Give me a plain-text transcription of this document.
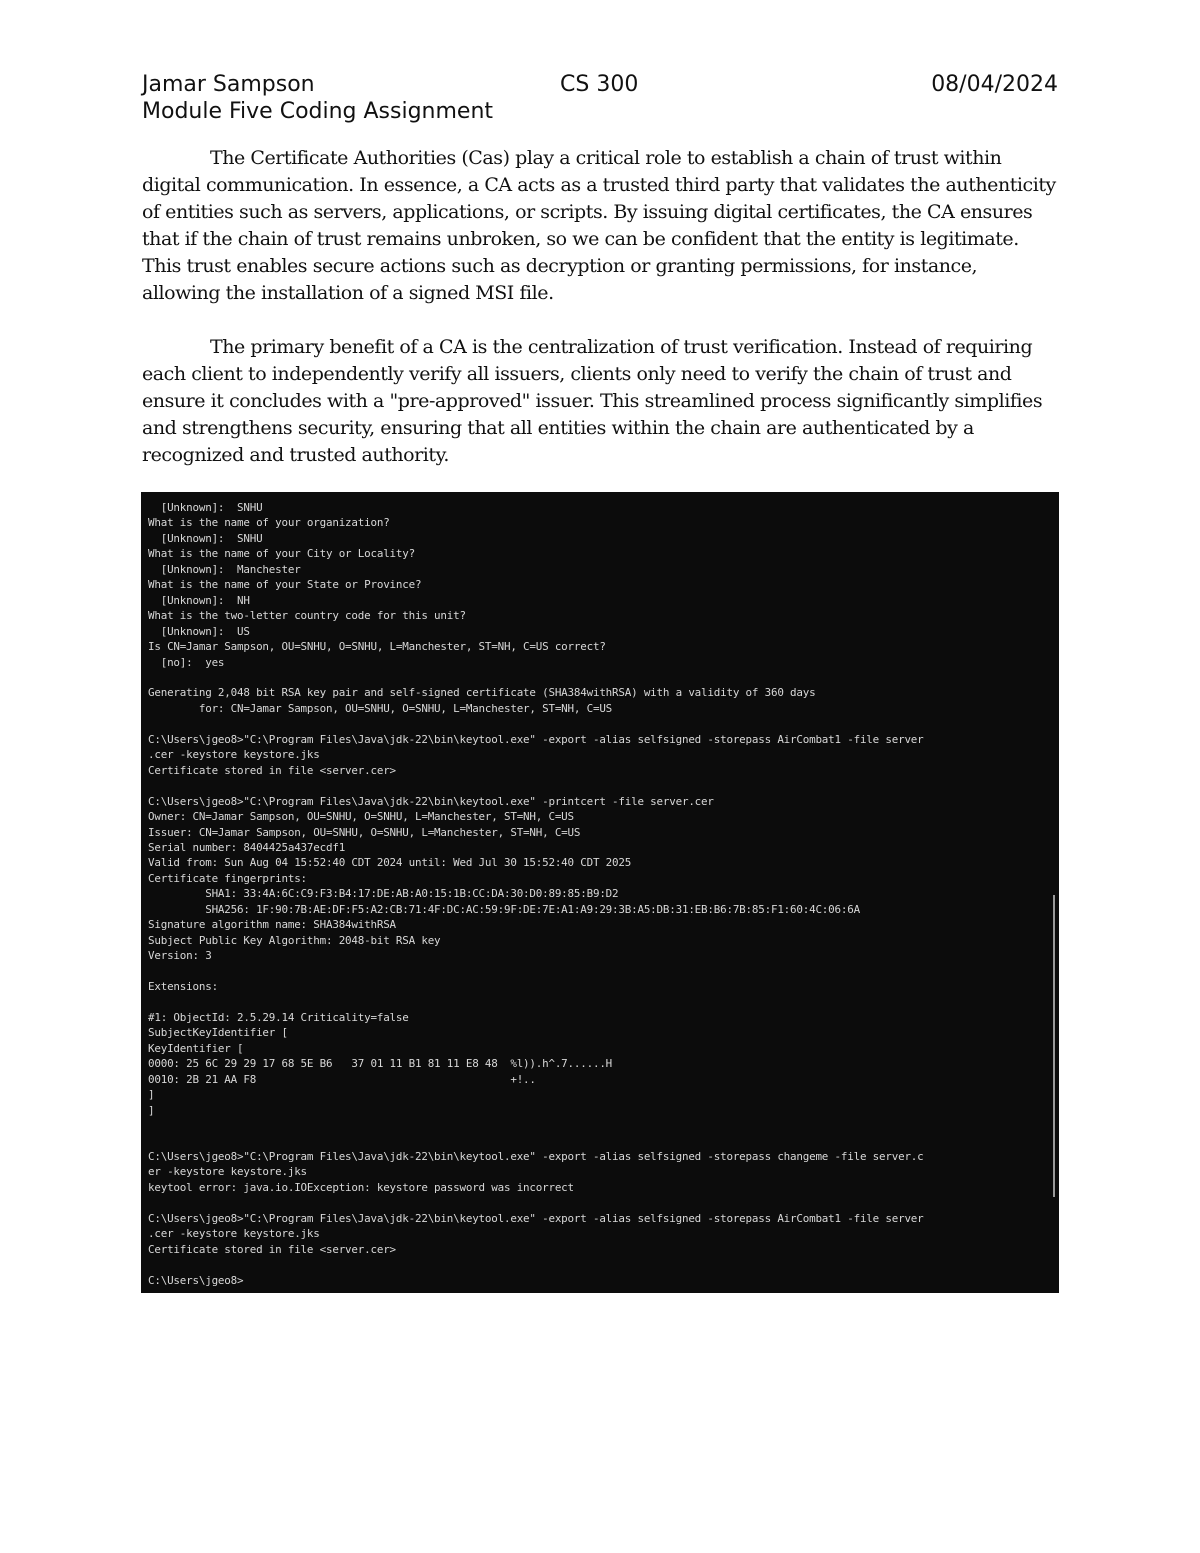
Jamar Sampson	CS 300	08/04/2024
Module Five Coding Assignment

The Certificate Authorities (Cas) play a critical role to establish a chain of trust within digital communication. In essence, a CA acts as a trusted third party that validates the authenticity of entities such as servers, applications, or scripts. By issuing digital certificates, the CA ensures that if the chain of trust remains unbroken, so we can be confident that the entity is legitimate. This trust enables secure actions such as decryption or granting permissions, for instance, allowing the installation of a signed MSI file.

The primary benefit of a CA is the centralization of trust verification. Instead of requiring each client to independently verify all issuers, clients only need to verify the chain of trust and ensure it concludes with a "pre-approved" issuer. This streamlined process significantly simplifies and strengthens security, ensuring that all entities within the chain are authenticated by a recognized and trusted authority.

[Unknown]:  SNHU
What is the name of your organization?
[Unknown]:  SNHU
What is the name of your City or Locality?
[Unknown]:  Manchester
What is the name of your State or Province?
[Unknown]:  NH
What is the two-letter country code for this unit?
[Unknown]:  US
Is CN=Jamar Sampson, OU=SNHU, O=SNHU, L=Manchester, ST=NH, C=US correct?
[no]:  yes

Generating 2,048 bit RSA key pair and self-signed certificate (SHA384withRSA) with a validity of 360 days
for: CN=Jamar Sampson, OU=SNHU, O=SNHU, L=Manchester, ST=NH, C=US

C:\Users\jgeo8>"C:\Program Files\Java\jdk-22\bin\keytool.exe" -export -alias selfsigned -storepass AirCombat1 -file server
.cer -keystore keystore.jks
Certificate stored in file <server.cer>

C:\Users\jgeo8>"C:\Program Files\Java\jdk-22\bin\keytool.exe" -printcert -file server.cer
Owner: CN=Jamar Sampson, OU=SNHU, O=SNHU, L=Manchester, ST=NH, C=US
Issuer: CN=Jamar Sampson, OU=SNHU, O=SNHU, L=Manchester, ST=NH, C=US
Serial number: 8404425a437ecdf1
Valid from: Sun Aug 04 15:52:40 CDT 2024 until: Wed Jul 30 15:52:40 CDT 2025
Certificate fingerprints:
SHA1: 33:4A:6C:C9:F3:B4:17:DE:AB:A0:15:1B:CC:DA:30:D0:89:85:B9:D2
SHA256: 1F:90:7B:AE:DF:F5:A2:CB:71:4F:DC:AC:59:9F:DE:7E:A1:A9:29:3B:A5:DB:31:EB:B6:7B:85:F1:60:4C:06:6A
Signature algorithm name: SHA384withRSA
Subject Public Key Algorithm: 2048-bit RSA key
Version: 3

Extensions:

#1: ObjectId: 2.5.29.14 Criticality=false
SubjectKeyIdentifier [
KeyIdentifier [
0000: 25 6C 29 29 17 68 5E B6   37 01 11 B1 81 11 E8 48  %l)).h^.7......H
0010: 2B 21 AA F8                                        +!..
]
]

C:\Users\jgeo8>"C:\Program Files\Java\jdk-22\bin\keytool.exe" -export -alias selfsigned -storepass changeme -file server.c
er -keystore keystore.jks
keytool error: java.io.IOException: keystore password was incorrect

C:\Users\jgeo8>"C:\Program Files\Java\jdk-22\bin\keytool.exe" -export -alias selfsigned -storepass AirCombat1 -file server
.cer -keystore keystore.jks
Certificate stored in file <server.cer>

C:\Users\jgeo8>
